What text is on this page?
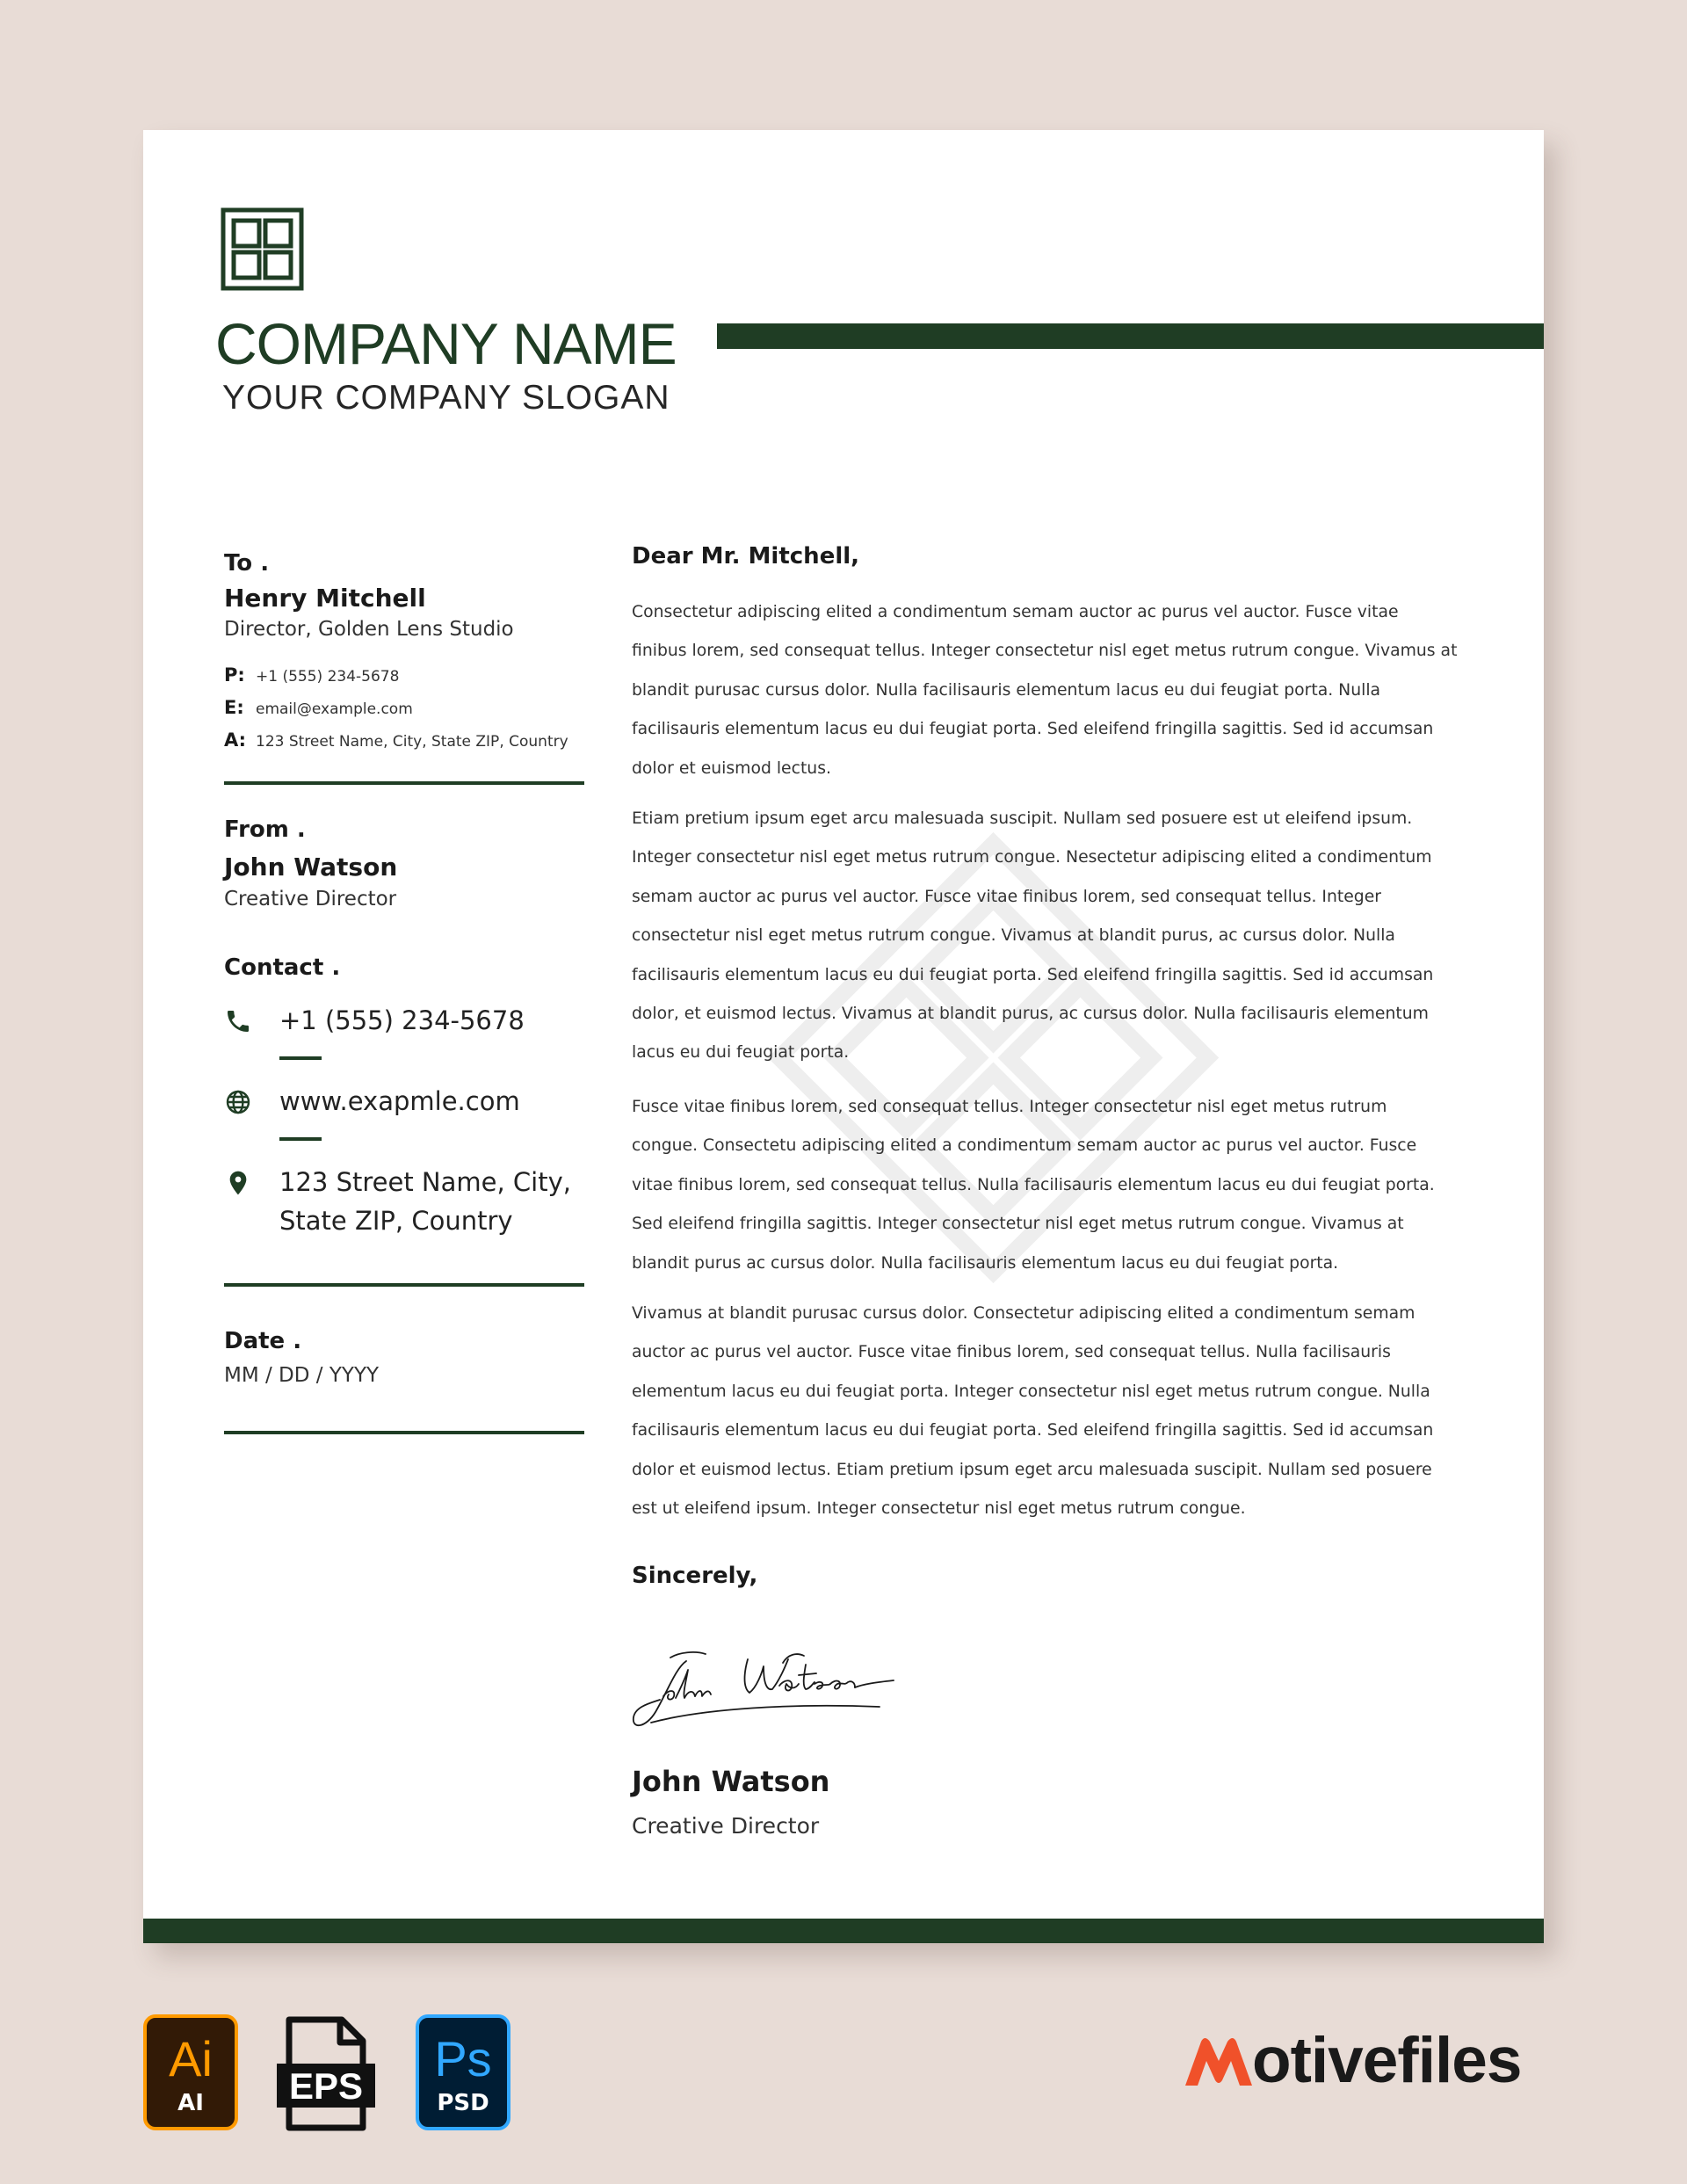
COMPANY NAME
YOUR COMPANY SLOGAN
To .
Henry Mitchell
Director, Golden Lens Studio
P: +1 (555) 234-5678
E: email@example.com
A: 123 Street Name, City, State ZIP, Country
From .
John Watson
Creative Director
Contact .
+1 (555) 234-5678
www.exapmle.com
123 Street Name, City,
State ZIP, Country
Date .
MM / DD / YYYY
Dear Mr. Mitchell,

Consectetur adipiscing elited a condimentum semam auctor ac purus vel auctor. Fusce vitae finibus lorem, sed consequat tellus. Integer consectetur nisl eget metus rutrum congue. Vivamus at blandit purusac cursus dolor. Nulla facilisauris elementum lacus eu dui feugiat porta. Nulla facilisauris elementum lacus eu dui feugiat porta. Sed eleifend fringilla sagittis. Sed id accumsan dolor et euismod lectus.

Etiam pretium ipsum eget arcu malesuada suscipit. Nullam sed posuere est ut eleifend ipsum. Integer consectetur nisl eget metus rutrum congue. Nesectetur adipiscing elited a condimentum semam auctor ac purus vel auctor. Fusce vitae finibus lorem, sed consequat tellus. Integer consectetur nisl eget metus rutrum congue. Vivamus at blandit purus, ac cursus dolor. Nulla facilisauris elementum lacus eu dui feugiat porta. Sed eleifend fringilla sagittis. Sed id accumsan dolor, et euismod lectus. Vivamus at blandit purus, ac cursus dolor. Nulla facilisauris elementum lacus eu dui feugiat porta.

Fusce vitae finibus lorem, sed consequat tellus. Integer consectetur nisl eget metus rutrum congue. Consectetu adipiscing elited a condimentum semam auctor ac purus vel auctor. Fusce vitae finibus lorem, sed consequat tellus. Nulla facilisauris elementum lacus eu dui feugiat porta. Sed eleifend fringilla sagittis. Integer consectetur nisl eget metus rutrum congue. Vivamus at blandit purus ac cursus dolor. Nulla facilisauris elementum lacus eu dui feugiat porta.

Vivamus at blandit purusac cursus dolor. Consectetur adipiscing elited a condimentum semam auctor ac purus vel auctor. Fusce vitae finibus lorem, sed consequat tellus. Nulla facilisauris elementum lacus eu dui feugiat porta. Integer consectetur nisl eget metus rutrum congue. Nulla facilisauris elementum lacus eu dui feugiat porta. Sed eleifend fringilla sagittis. Sed id accumsan dolor et euismod lectus. Etiam pretium ipsum eget arcu malesuada suscipit. Nullam sed posuere est ut eleifend ipsum. Integer consectetur nisl eget metus rutrum congue.

Sincerely,
John Watson
Creative Director
Ai
AI	EPS	Ps
PSD
otivefiles
